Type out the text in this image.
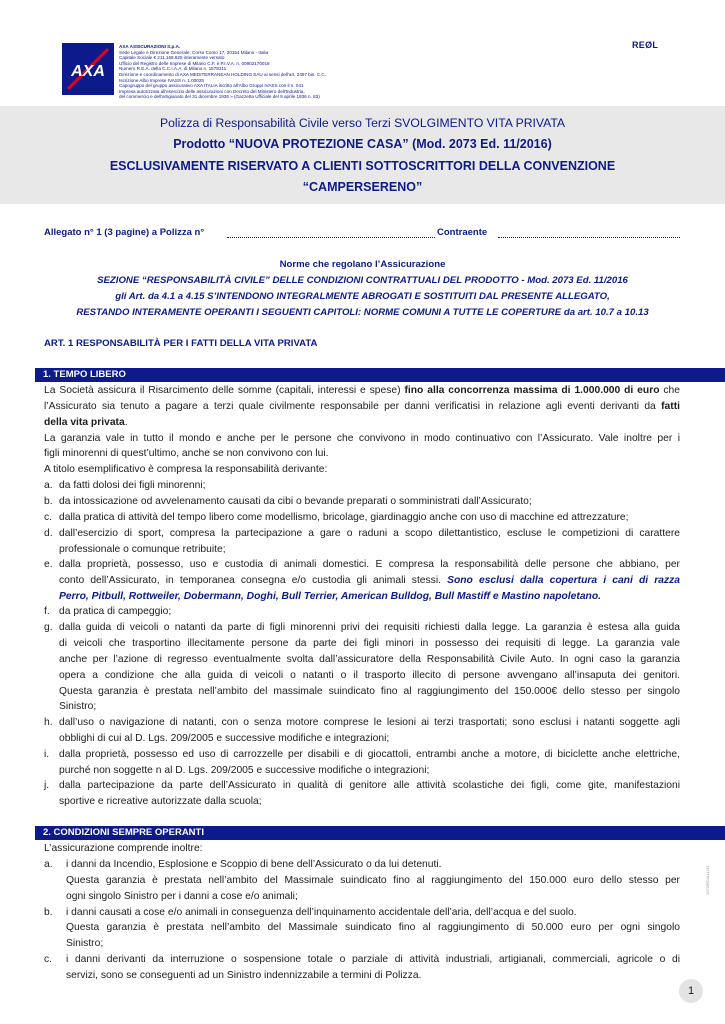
AXA
AXA ASSICURAZIONI S.p.A.
Sede Legale e Direzione Generale: Corso Como 17, 20154 Milano - Italia
Capitale Sociale € 211.168.625 interamente versato
Ufficio del Registro delle Imprese di Milano C.F. e P.I.V.A. n. 00902170018
Numero R.E.A. della C.C.I.A.A. di Milano n. 1578311
Direzione e coordinamento di AXA MEDITERRANEAN HOLDING SAU ai sensi dell'art. 2497 bis. C.C.
Iscrizione Albo Imprese IVASS n. 1.00025
Capogruppo del gruppo assicurativo AXA ITALIA iscritto all'Albo Gruppi IVASS con il n. 041
Impresa autorizzata all'esercizio delle assicurazioni con Decreto del Ministero dell'Industria,
del commercio e dell'artigianato del 31 dicembre 1936 » (Gazzetta Ufficiale del 9 aprile 1936 n. 83)
REØL
Polizza di Responsabilità Civile verso Terzi SVOLGIMENTO VITA PRIVATA
Prodotto “NUOVA PROTEZIONE CASA” (Mod. 2073 Ed. 11/2016)
ESCLUSIVAMENTE RISERVATO A CLIENTI SOTTOSCRITTORI DELLA CONVENZIONE
“CAMPERSERENO”
Allegato n° 1 (3 pagine) a Polizza n°	Contraente
Norme che regolano l’Assicurazione
SEZIONE “RESPONSABILITÀ CIVILE” DELLE CONDIZIONI CONTRATTUALI DEL PRODOTTO - Mod. 2073 Ed. 11/2016
gli Art. da 4.1 a 4.15 S’INTENDONO INTEGRALMENTE ABROGATI E SOSTITUITI DAL PRESENTE ALLEGATO,
RESTANDO INTERAMENTE OPERANTI I SEGUENTI CAPITOLI: NORME COMUNI A TUTTE LE COPERTURE da art. 10.7 a 10.13
ART. 1 RESPONSABILITÀ PER I FATTI DELLA VITA PRIVATA
1. TEMPO LIBERO
La Società assicura il Risarcimento delle somme (capitali, interessi e spese) fino alla concorrenza massima di 1.000.000 di euro che
l’Assicurato sia tenuto a pagare a terzi quale civilmente responsabile per danni verificatisi in relazione agli eventi derivanti da fatti
della vita privata.
La garanzia vale in tutto il mondo e anche per le persone che convivono in modo continuativo con l’Assicurato. Vale inoltre per i
figli minorenni di quest’ultimo, anche se non convivono con lui.
A titolo esemplificativo è compresa la responsabilità derivante:
a. da fatti dolosi dei figli minorenni;
b. da intossicazione od avvelenamento causati da cibi o bevande preparati o somministrati dall’Assicurato;
c. dalla pratica di attività del tempo libero come modellismo, bricolage, giardinaggio anche con uso di macchine ed attrezzature;
d. dall’esercizio di sport, compresa la partecipazione a gare o raduni a scopo dilettantistico, escluse le competizioni di carattere
professionale o comunque retribuite;
e. dalla proprietà, possesso, uso e custodia di animali domestici. È compresa la responsabilità delle persone che abbiano, per
conto dell’Assicurato, in temporanea consegna e/o custodia gli animali stessi. Sono esclusi dalla copertura i cani di razza
Perro, Pitbull, Rottweiler, Dobermann, Doghi, Bull Terrier, American Bulldog, Bull Mastiff e Mastino napoletano.
f. da pratica di campeggio;
g. dalla guida di veicoli o natanti da parte di figli minorenni privi dei requisiti richiesti dalla legge. La garanzia è estesa alla guida
di veicoli che trasportino illecitamente persone da parte dei figli minori in possesso dei requisiti di legge. La garanzia vale
anche per l’azione di regresso eventualmente svolta dall’assicuratore della Responsabilità Civile Auto. In ogni caso la garanzia
opera a condizione che alla guida di veicoli o natanti o il trasporto illecito di persone avvengano all’insaputa dei genitori.
Questa garanzia è prestata nell’ambito del massimale suindicato fino al raggiungimento del 150.000€ dello stesso per singolo
Sinistro;
h. dall’uso o navigazione di natanti, con o senza motore comprese le lesioni ai terzi trasportati; sono esclusi i natanti soggette agli
obblighi di cui al D. Lgs. 209/2005 e successive modifiche e integrazioni;
i. dalla proprietà, possesso ed uso di carrozzelle per disabili e di giocattoli, entrambi anche a motore, di biciclette anche elettriche,
purché non soggette n al D. Lgs. 209/2005 e successive modifiche o integrazioni;
j. dalla partecipazione da parte dell’Assicurato in qualità di genitore alle attività scolastiche dei figli, come gite, manifestazioni
sportive e ricreative autorizzate dalla scuola;
2. CONDIZIONI SEMPRE OPERANTI
L’assicurazione comprende inoltre:
a. i danni da Incendio, Esplosione e Scoppio di bene dell’Assicurato o da lui detenuti.
Questa garanzia è prestata nell’ambito del Massimale suindicato fino al raggiungimento del 150.000 euro dello stesso per
ogni singolo Sinistro per i danni a cose e/o animali;
b. i danni causati a cose e/o animali in conseguenza dell’inquinamento accidentale dell’aria, dell’acqua e del suolo.
Questa garanzia è prestata nell’ambito del Massimale suindicato fino al raggiungimento di 50.000 euro per ogni singolo
Sinistro;
c. i danni derivanti da interruzione o sospensione totale o parziale di attività industriali, artigianali, commerciali, agricole o di
servizi, sono se conseguenti ad un Sinistro indennizzabile a termini di Polizza.
2073/RC/ALL/01
1
